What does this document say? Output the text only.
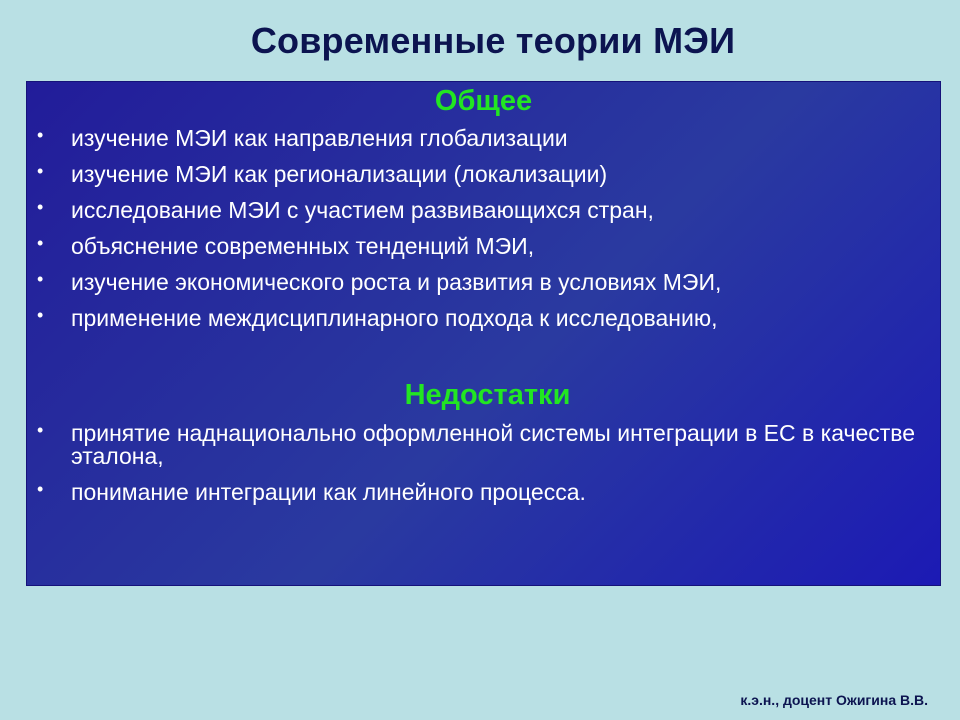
Современные теории МЭИ
Общее
• изучение МЭИ как направления глобализации
• изучение МЭИ как регионализации (локализации)
• исследование МЭИ с участием развивающихся стран,
• объяснение современных тенденций МЭИ,
• изучение экономического роста и развития в условиях МЭИ,
• применение междисциплинарного подхода к исследованию,
Недостатки
• принятие наднационально оформленной системы интеграции в ЕС в качестве эталона,
• понимание интеграции как линейного процесса.
к.э.н., доцент Ожигина В.В.
